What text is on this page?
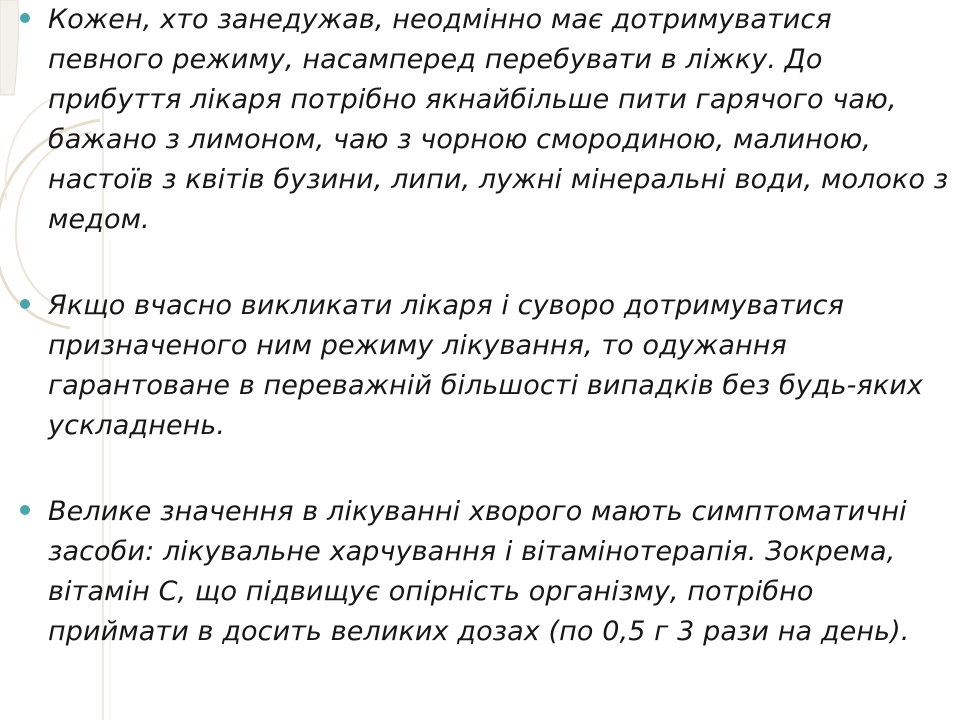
Кожен, хто занедужав, неодмінно має дотримуватися певного режиму, насамперед перебувати в ліжку. До прибуття лікаря потрібно якнайбільше пити гарячого чаю, бажано з лимоном, чаю з чорною смородиною, малиною, настоїв з квітів бузини, липи, лужні мінеральні води, молоко з медом.
Якщо вчасно викликати лікаря і суворо дотримуватися призначеного ним режиму лікування, то одужання гарантоване в переважній більшості випадків без будь-яких ускладнень.
Велике значення в лікуванні хворого мають симптоматичні засоби: лікувальне харчування і вітамінотерапія. Зокрема, вітамін С, що підвищує опірність організму, потрібно приймати в досить великих дозах (по 0,5 г 3 рази на день).
